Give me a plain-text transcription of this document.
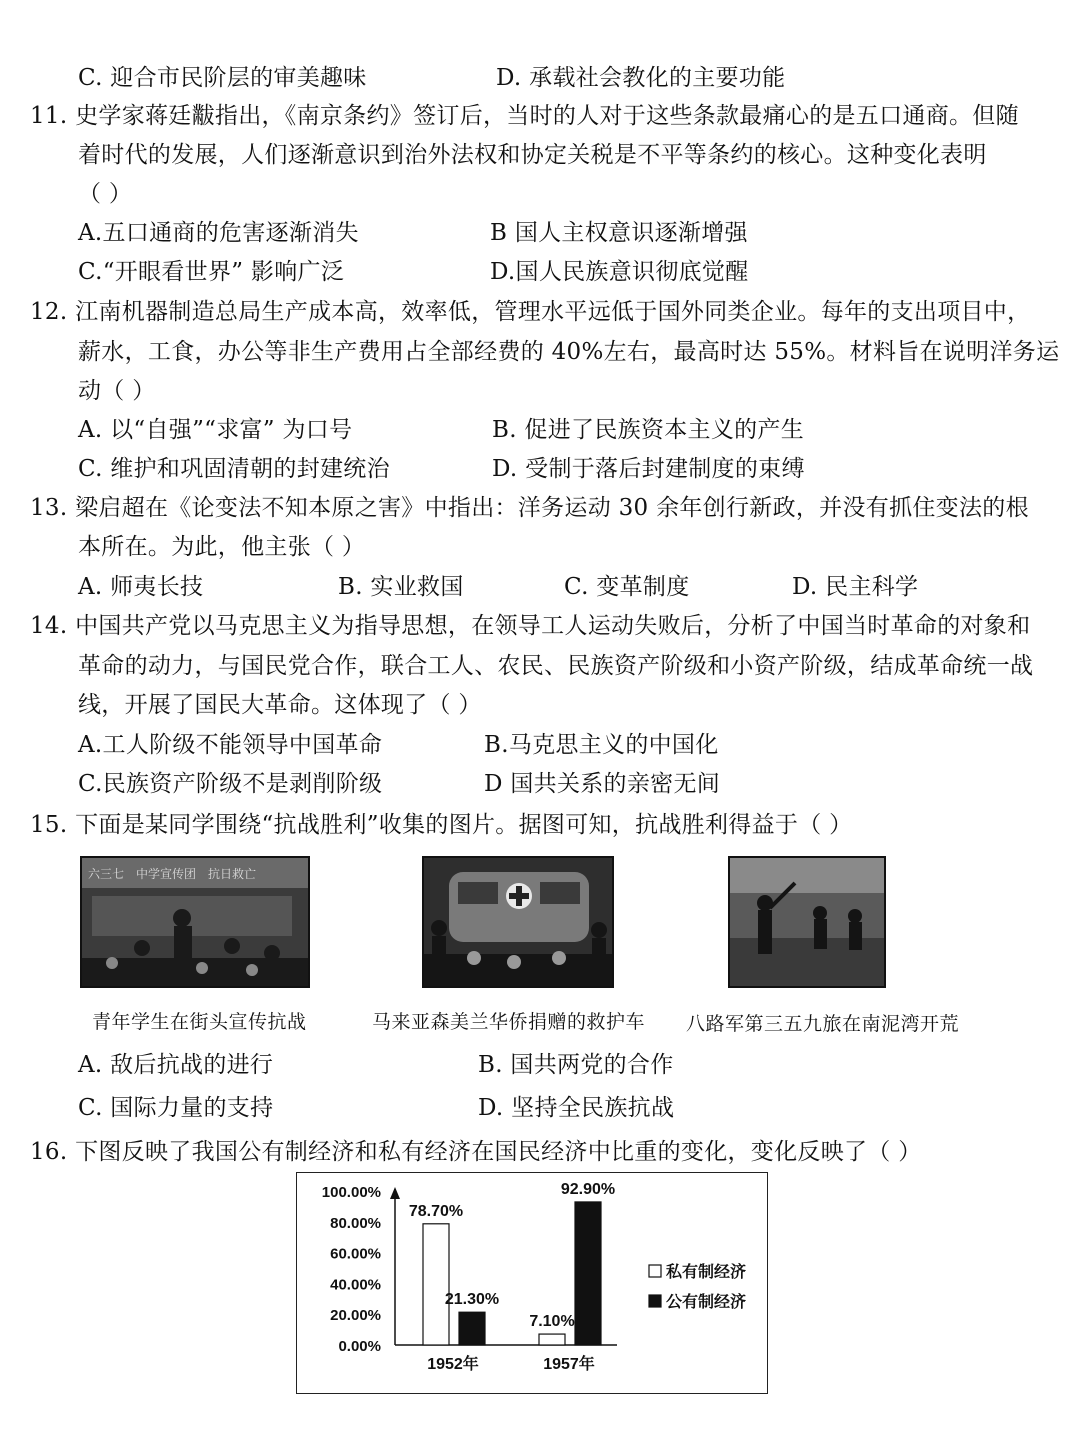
C. 迎合市民阶层的审美趣味	D. 承载社会教化的主要功能
11. 史学家蒋廷黻指出，《南京条约》签订后，当时的人对于这些条款最痛心的是五口通商。但随
着时代的发展，人们逐渐意识到治外法权和协定关税是不平等条约的核心。这种变化表明
（ ）
A.五口通商的危害逐渐消失	B 国人主权意识逐渐增强
C.“开眼看世界” 影响广泛	D.国人民族意识彻底觉醒
12. 江南机器制造总局生产成本高，效率低，管理水平远低于国外同类企业。每年的支出项目中，
薪水，工食，办公等非生产费用占全部经费的 40%左右，最高时达 55%。材料旨在说明洋务运
动（ ）
A. 以“自强”“求富” 为口号	B. 促进了民族资本主义的产生
C. 维护和巩固清朝的封建统治	D. 受制于落后封建制度的束缚
13. 梁启超在《论变法不知本原之害》中指出：洋务运动 30 余年创行新政，并没有抓住变法的根
本所在。为此，他主张（ ）
A. 师夷长技	B. 实业救国	C. 变革制度	D. 民主科学
14. 中国共产党以马克思主义为指导思想，在领导工人运动失败后，分析了中国当时革命的对象和
革命的动力，与国民党合作，联合工人、农民、民族资产阶级和小资产阶级，结成革命统一战
线，开展了国民大革命。这体现了（ ）
A.工人阶级不能领导中国革命	B.马克思主义的中国化
C.民族资产阶级不是剥削阶级	D 国共关系的亲密无间
15. 下面是某同学围绕“抗战胜利”收集的图片。据图可知，抗战胜利得益于（ ）
六三七　中学宣传团　抗日救亡
青年学生在街头宣传抗战	马来亚森美兰华侨捐赠的救护车 八路军第三五九旅在南泥湾开荒
A. 敌后抗战的进行	B. 国共两党的合作
C. 国际力量的支持	D. 坚持全民族抗战
16. 下图反映了我国公有制经济和私有经济在国民经济中比重的变化，变化反映了（ ）
100.00%
80.00%
60.00%
40.00%
20.00%
0.00%
78.70%
21.30%
1952年
7.10%
92.90%
1957年
私有制经济
公有制经济
